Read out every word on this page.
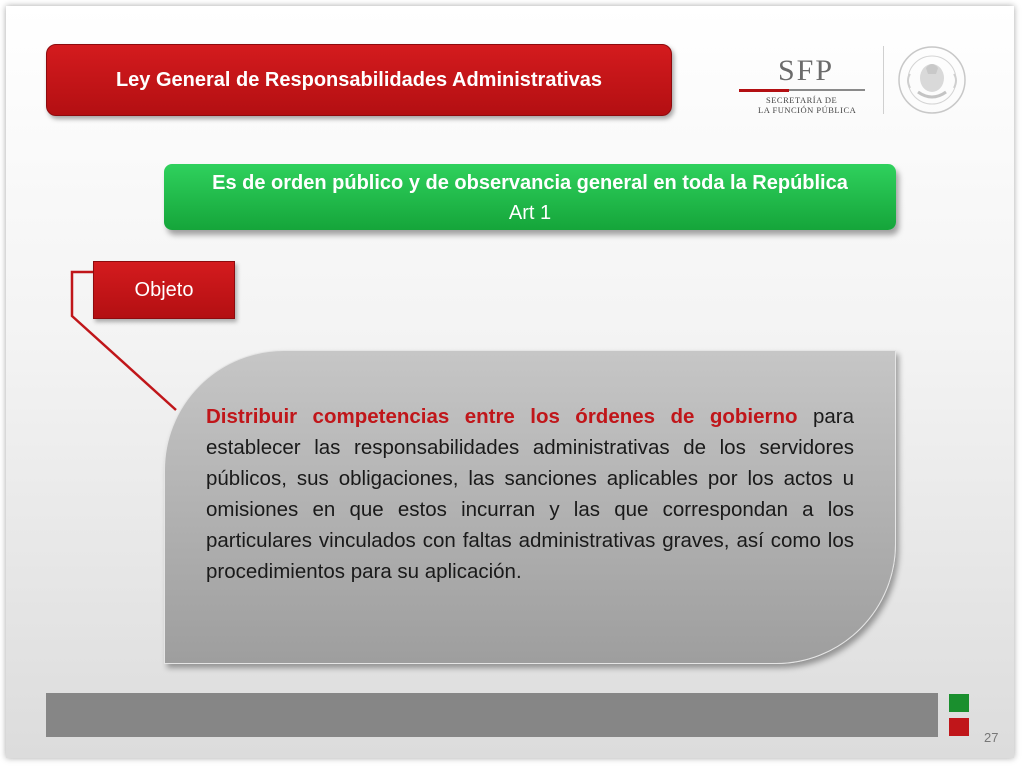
Ley General de Responsabilidades Administrativas	SFP
SECRETARÍA DE
LA FUNCIÓN PÚBLICA
Es de orden público y de observancia general en toda la República
Art 1
Objeto
Distribuir competencias entre los órdenes de gobierno para establecer las responsabilidades administrativas de los servidores públicos, sus obligaciones, las sanciones aplicables por los actos u omisiones en que estos incurran y las que correspondan a los particulares vinculados con faltas administrativas graves, así como los procedimientos para su aplicación.
27
